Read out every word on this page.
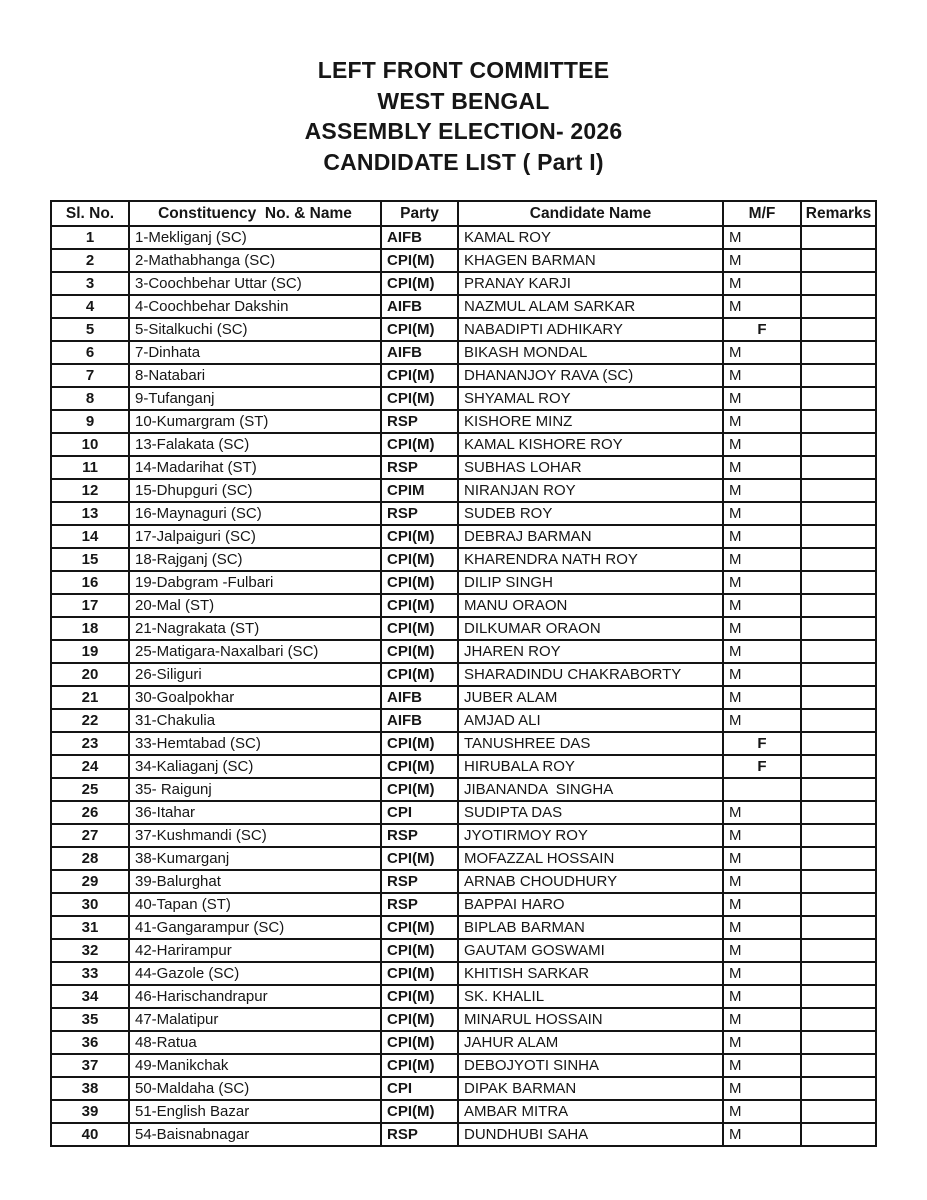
LEFT FRONT COMMITTEE
WEST BENGAL
ASSEMBLY ELECTION- 2026
CANDIDATE LIST ( Part I)
Sl. No.	Constituency  No. & Name	Party	Candidate Name	M/F	Remarks
1	1-Mekliganj (SC)	AIFB	KAMAL ROY	M	
2	2-Mathabhanga (SC)	CPI(M)	KHAGEN BARMAN	M	
3	3-Coochbehar Uttar (SC)	CPI(M)	PRANAY KARJI	M	
4	4-Coochbehar Dakshin	AIFB	NAZMUL ALAM SARKAR	M	
5	5-Sitalkuchi (SC)	CPI(M)	NABADIPTI ADHIKARY	F	
6	7-Dinhata	AIFB	BIKASH MONDAL	M	
7	8-Natabari	CPI(M)	DHANANJOY RAVA (SC)	M	
8	9-Tufanganj	CPI(M)	SHYAMAL ROY	M	
9	10-Kumargram (ST)	RSP	KISHORE MINZ	M	
10	13-Falakata (SC)	CPI(M)	KAMAL KISHORE ROY	M	
11	14-Madarihat (ST)	RSP	SUBHAS LOHAR	M	
12	15-Dhupguri (SC)	CPIM	NIRANJAN ROY	M	
13	16-Maynaguri (SC)	RSP	SUDEB ROY	M	
14	17-Jalpaiguri (SC)	CPI(M)	DEBRAJ BARMAN	M	
15	18-Rajganj (SC)	CPI(M)	KHARENDRA NATH ROY	M	
16	19-Dabgram -Fulbari	CPI(M)	DILIP SINGH	M	
17	20-Mal (ST)	CPI(M)	MANU ORAON	M	
18	21-Nagrakata (ST)	CPI(M)	DILKUMAR ORAON	M	
19	25-Matigara-Naxalbari (SC)	CPI(M)	JHAREN ROY	M	
20	26-Siliguri	CPI(M)	SHARADINDU CHAKRABORTY	M	
21	30-Goalpokhar	AIFB	JUBER ALAM	M	
22	31-Chakulia	AIFB	AMJAD ALI	M	
23	33-Hemtabad (SC)	CPI(M)	TANUSHREE DAS	F	
24	34-Kaliaganj (SC)	CPI(M)	HIRUBALA ROY	F	
25	35- Raigunj	CPI(M)	JIBANANDA  SINGHA		
26	36-Itahar	CPI	SUDIPTA DAS	M	
27	37-Kushmandi (SC)	RSP	JYOTIRMOY ROY	M	
28	38-Kumarganj	CPI(M)	MOFAZZAL HOSSAIN	M	
29	39-Balurghat	RSP	ARNAB CHOUDHURY	M	
30	40-Tapan (ST)	RSP	BAPPAI HARO	M	
31	41-Gangarampur (SC)	CPI(M)	BIPLAB BARMAN	M	
32	42-Harirampur	CPI(M)	GAUTAM GOSWAMI	M	
33	44-Gazole (SC)	CPI(M)	KHITISH SARKAR	M	
34	46-Harischandrapur	CPI(M)	SK. KHALIL	M	
35	47-Malatipur	CPI(M)	MINARUL HOSSAIN	M	
36	48-Ratua	CPI(M)	JAHUR ALAM	M	
37	49-Manikchak	CPI(M)	DEBOJYOTI SINHA	M	
38	50-Maldaha (SC)	CPI	DIPAK BARMAN	M	
39	51-English Bazar	CPI(M)	AMBAR MITRA	M	
40	54-Baisnabnagar	RSP	DUNDHUBI SAHA	M	
